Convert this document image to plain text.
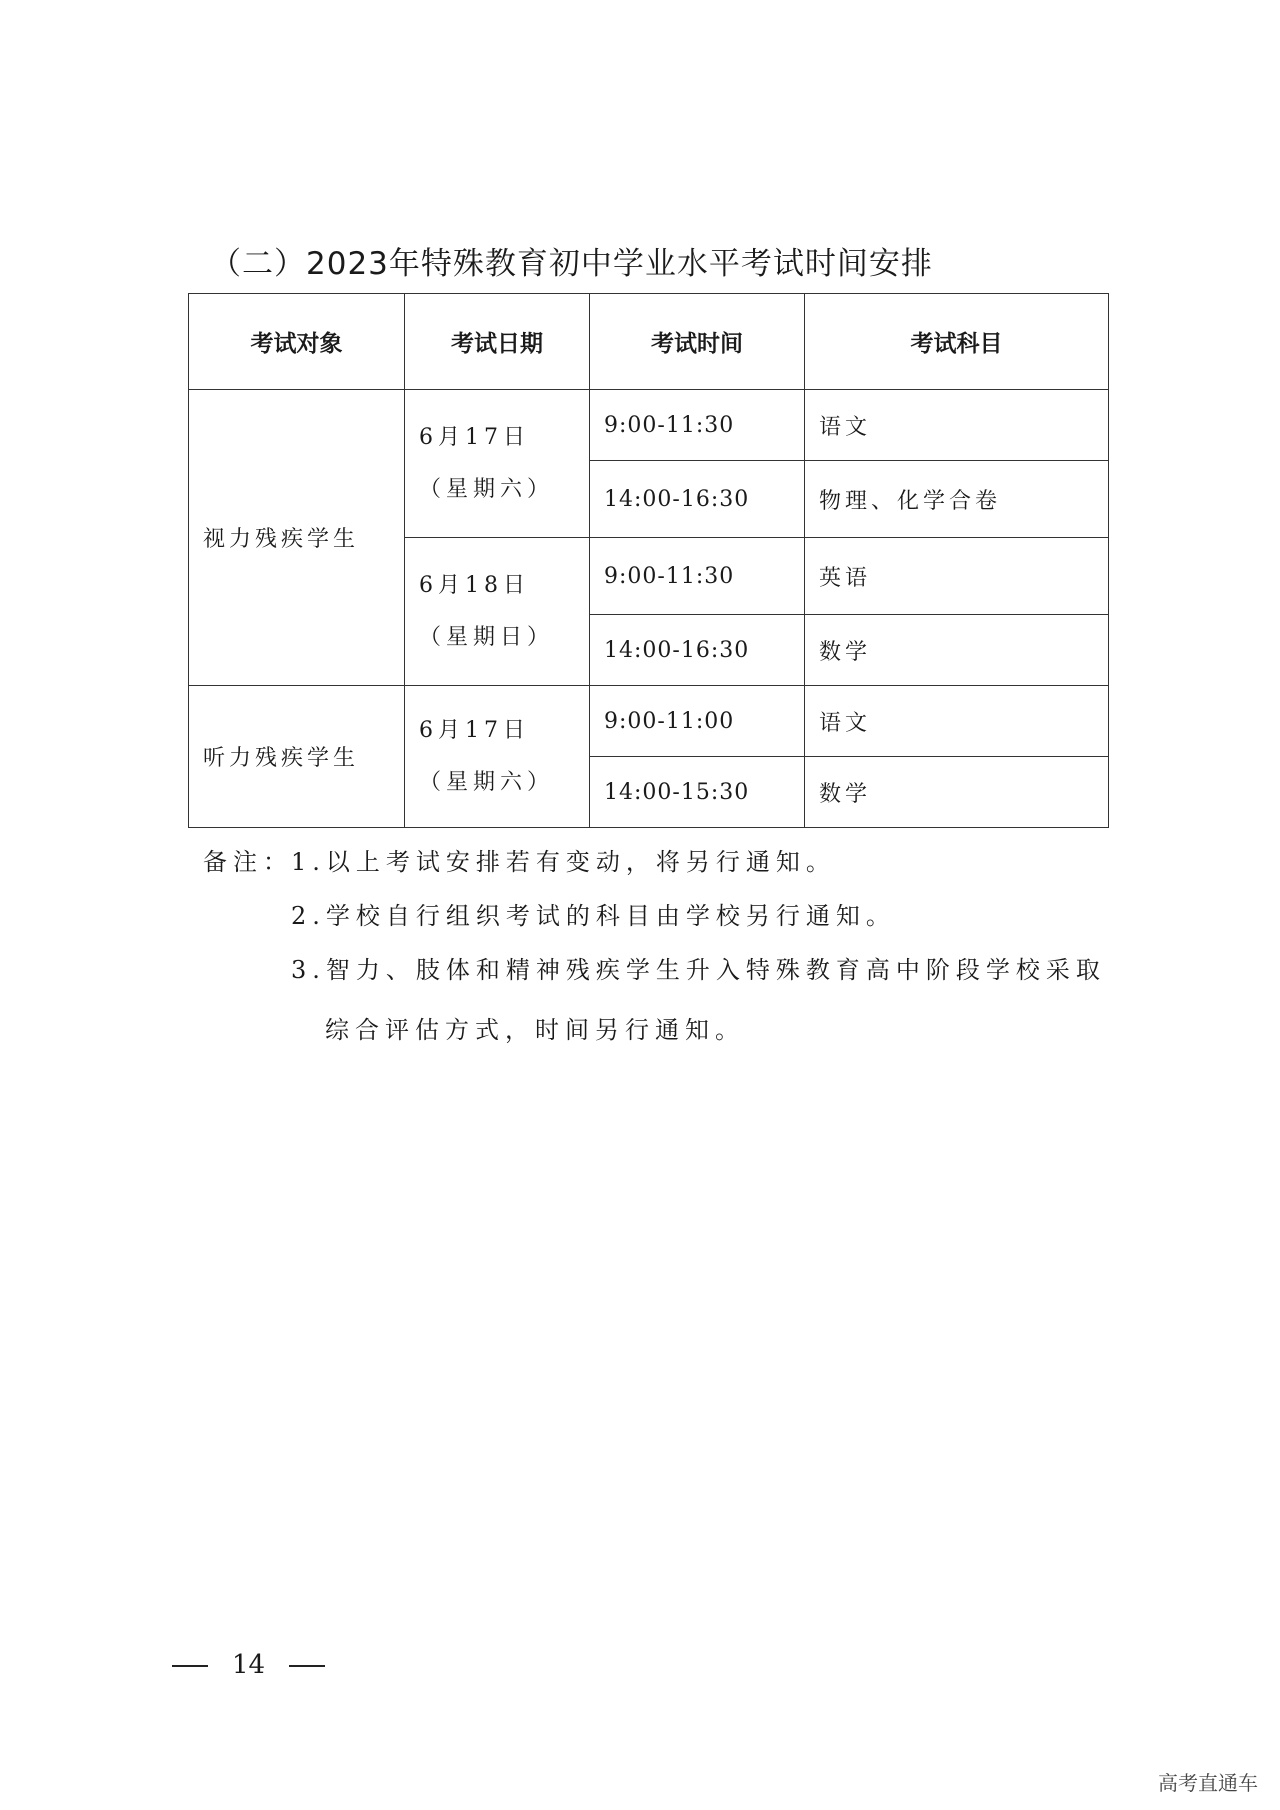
（二）2023年特殊教育初中学业水平考试时间安排
考试对象	考试日期	考试时间	考试科目
视力残疾学生	6月17日（星期六）	9:00-11:30	语文
		14:00-16:30	物理、化学合卷
	6月18日（星期日）	9:00-11:30	英语
		14:00-16:30	数学
听力残疾学生	6月17日（星期六）	9:00-11:00	语文
		14:00-15:30	数学
备注：
1.以上考试安排若有变动，将另行通知。
2.学校自行组织考试的科目由学校另行通知。
3.智力、肢体和精神残疾学生升入特殊教育高中阶段学校采取
综合评估方式，时间另行通知。
14
高考直通车
